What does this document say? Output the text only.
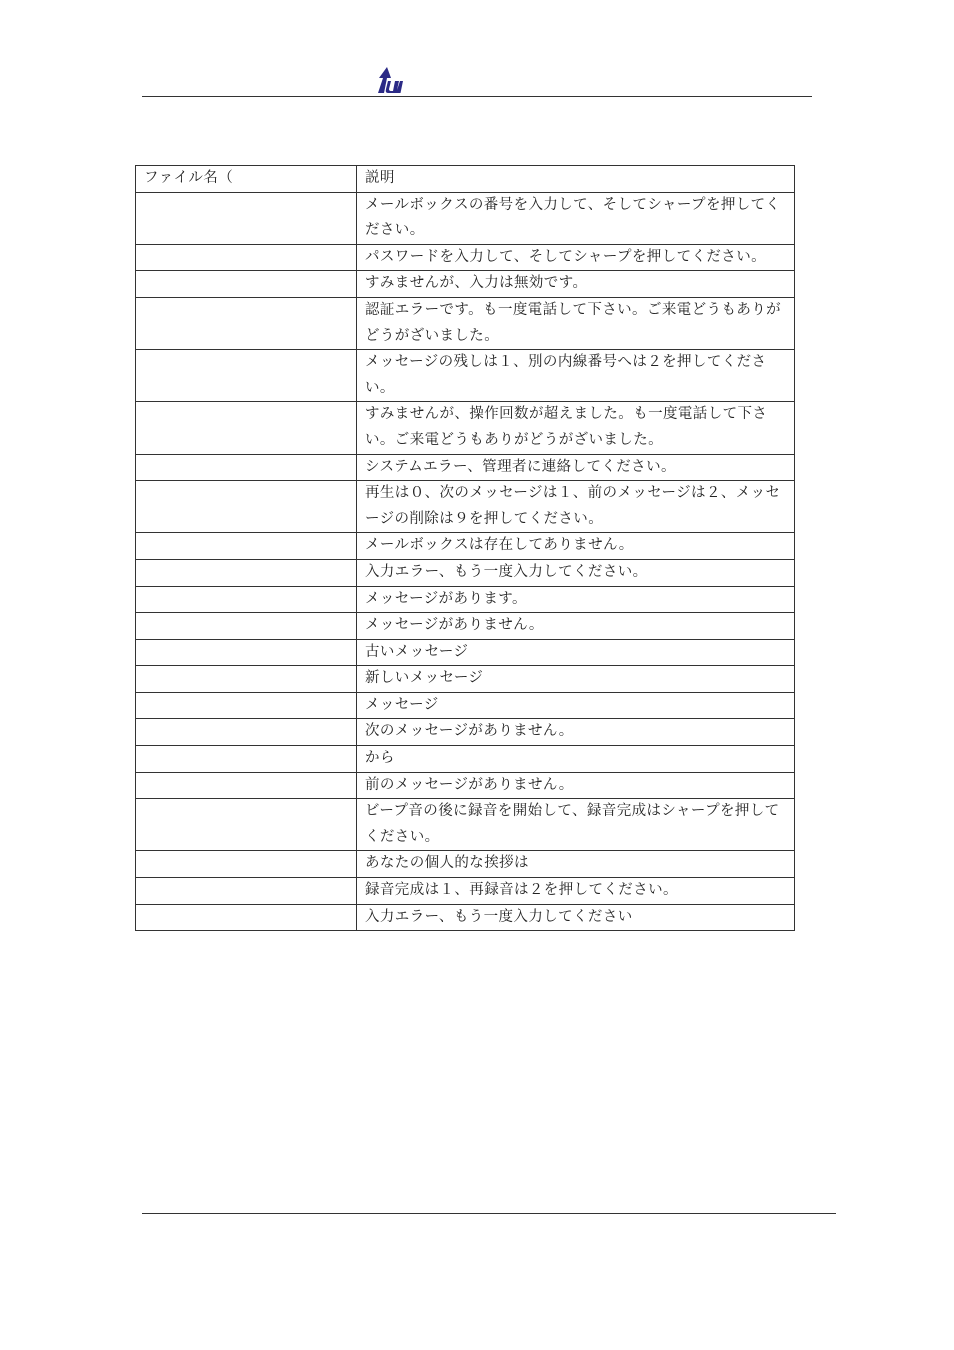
ファイル名（	説明
	メールボックスの番号を入力して、そしてシャープを押してください。
	パスワードを入力して、そしてシャープを押してください。
	すみませんが、入力は無効です。
	認証エラーです。も一度電話して下さい。ご来電どうもありがどうがざいました。
	メッセージの残しは１、別の内線番号へは２を押してください。
	すみませんが、操作回数が超えました。も一度電話して下さい。ご来電どうもありがどうがざいました。
	システムエラー、管理者に連絡してください。
	再生は０、次のメッセージは１、前のメッセージは２、メッセージの削除は９を押してください。
	メールボックスは存在してありません。
	入力エラー、もう一度入力してください。
	メッセージがあります。
	メッセージがありません。
	古いメッセージ
	新しいメッセージ
	メッセージ
	次のメッセージがありません。
	から
	前のメッセージがありません。
	ビープ音の後に録音を開始して、録音完成はシャープを押してください。
	あなたの個人的な挨拶は
	録音完成は１、再録音は２を押してください。
	入力エラー、もう一度入力してください
